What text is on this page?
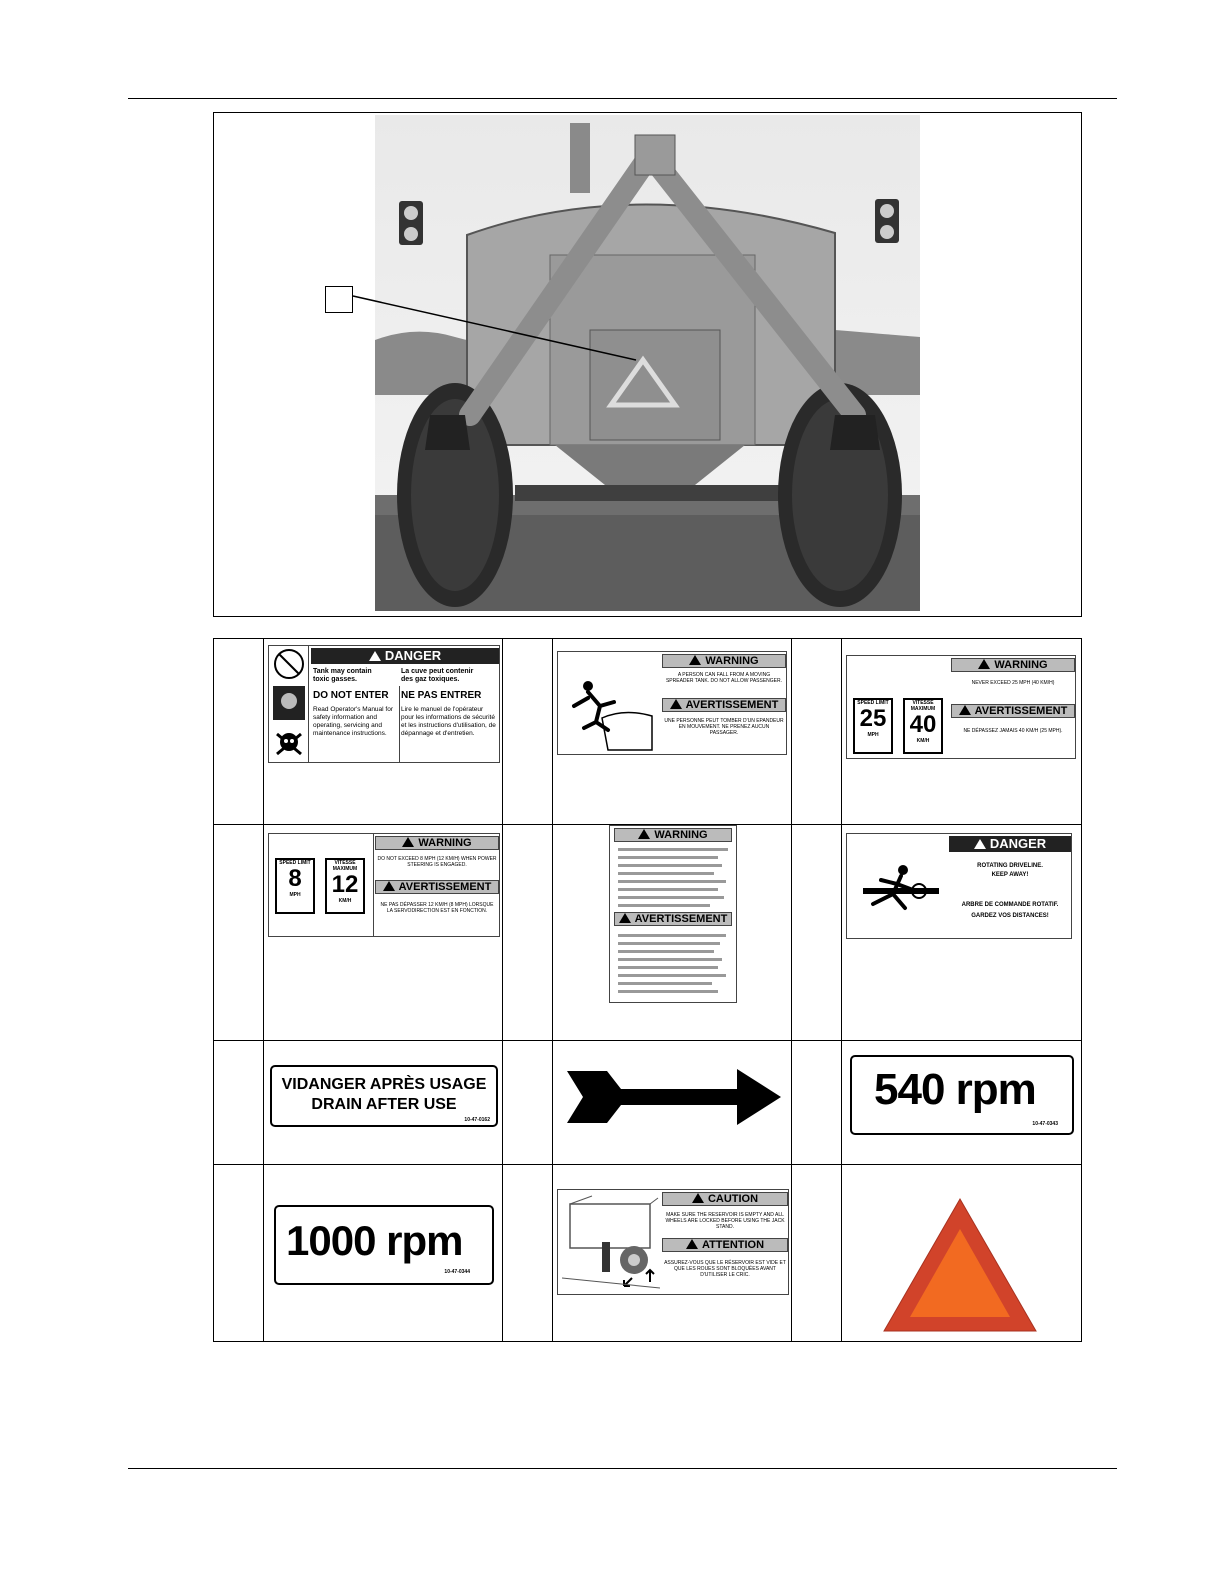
DANGER
Tank may contain
toxic gasses.
La cuve peut contenir
des gaz toxiques.
DO NOT ENTER NE PAS ENTRER
Read Operator's Manual for safety information and operating, servicing and maintenance instructions.
Lire le manuel de l'opérateur pour les informations de sécurité et les instructions d'utilisation, de dépannage et d'entretien.
WARNING
A PERSON CAN FALL FROM A MOVING SPREADER TANK. DO NOT ALLOW PASSENGER.
AVERTISSEMENT
UNE PERSONNE PEUT TOMBER D'UN EPANDEUR EN MOUVEMENT. NE PRENEZ AUCUN PASSAGER.
SPEED LIMIT
25
MPH
VITESSE MAXIMUM
40
KM/H
WARNING
NEVER EXCEED 25 MPH (40 KM/H)
AVERTISSEMENT
NE DÉPASSEZ JAMAIS 40 KM/H (25 MPH).
SPEED LIMIT
8
MPH
VITESSE MAXIMUM
12
KM/H
WARNING
DO NOT EXCEED 8 MPH (12 KM/H) WHEN POWER STEERING IS ENGAGED.
AVERTISSEMENT
NE PAS DÉPASSER 12 KM/H (8 MPH) LORSQUE LA SERVODIRECTION EST EN FONCTION.
WARNING
AVERTISSEMENT
DANGER
ROTATING DRIVELINE.
KEEP AWAY!
ARBRE DE COMMANDE ROTATIF.
GARDEZ VOS DISTANCES!
VIDANGER APRÈS USAGE
DRAIN AFTER USE
10-47-0162
540 rpm
10-47-0343
1000 rpm
10-47-0344
CAUTION
MAKE SURE THE RESERVOIR IS EMPTY AND ALL WHEELS ARE LOCKED BEFORE USING THE JACK STAND.
ATTENTION
ASSUREZ-VOUS QUE LE RÉSERVOIR EST VIDE ET QUE LES ROUES SONT BLOQUÉES AVANT D'UTILISER LE CRIC.
